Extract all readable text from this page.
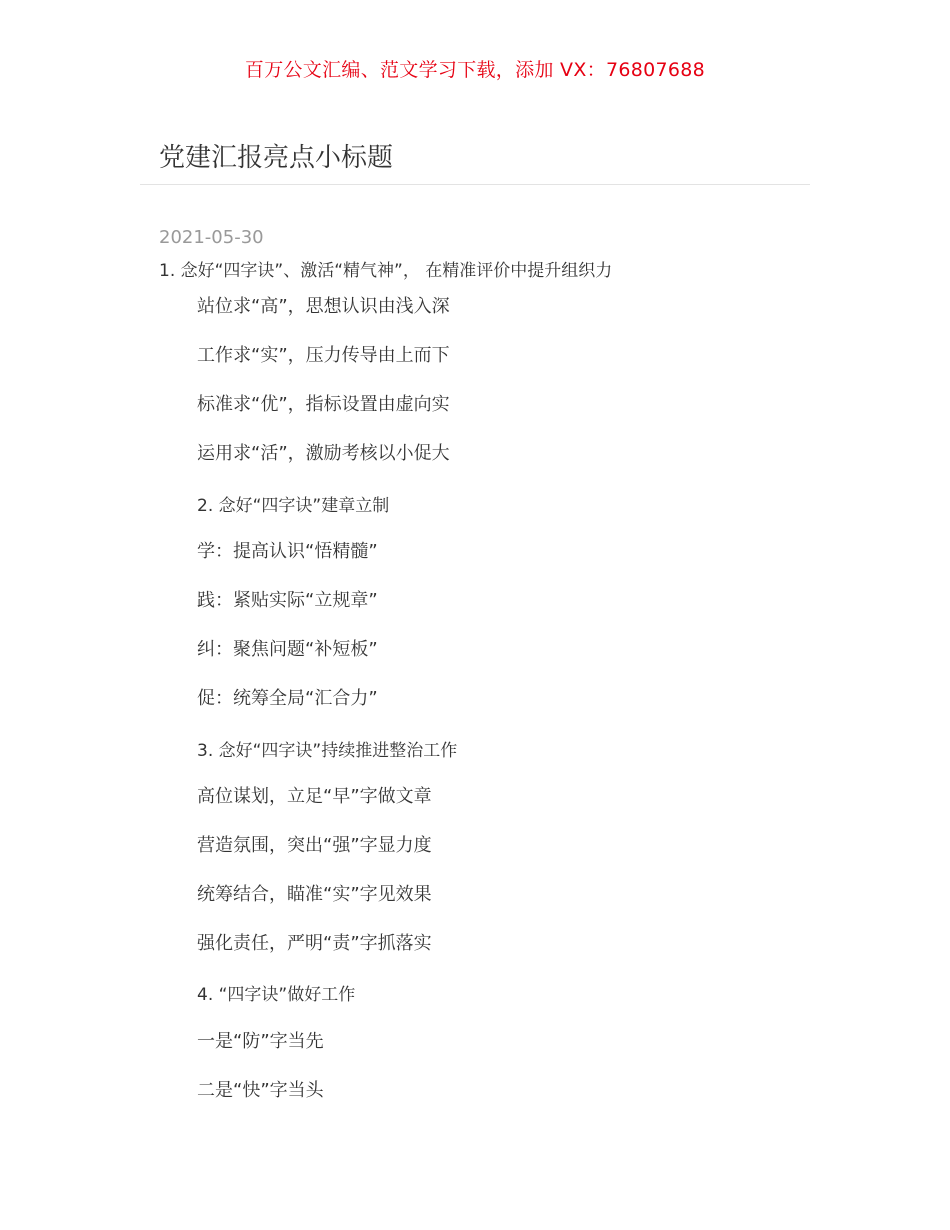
百万公文汇编、范文学习下载，添加 VX：76807688
党建汇报亮点小标题
2021-05-30
1. 念好“四字诀”、激活“精气神”， 在精准评价中提升组织力
站位求“高”，思想认识由浅入深
工作求“实”，压力传导由上而下
标准求“优”，指标设置由虚向实
运用求“活”，激励考核以小促大
2. 念好“四字诀”建章立制
学：提高认识“悟精髓”
践：紧贴实际“立规章”
纠：聚焦问题“补短板”
促：统筹全局“汇合力”
3. 念好“四字诀”持续推进整治工作
高位谋划，立足“早”字做文章
营造氛围，突出“强”字显力度
统筹结合，瞄准“实”字见效果
强化责任，严明“责”字抓落实
4. “四字诀”做好工作
一是“防”字当先
二是“快”字当头
